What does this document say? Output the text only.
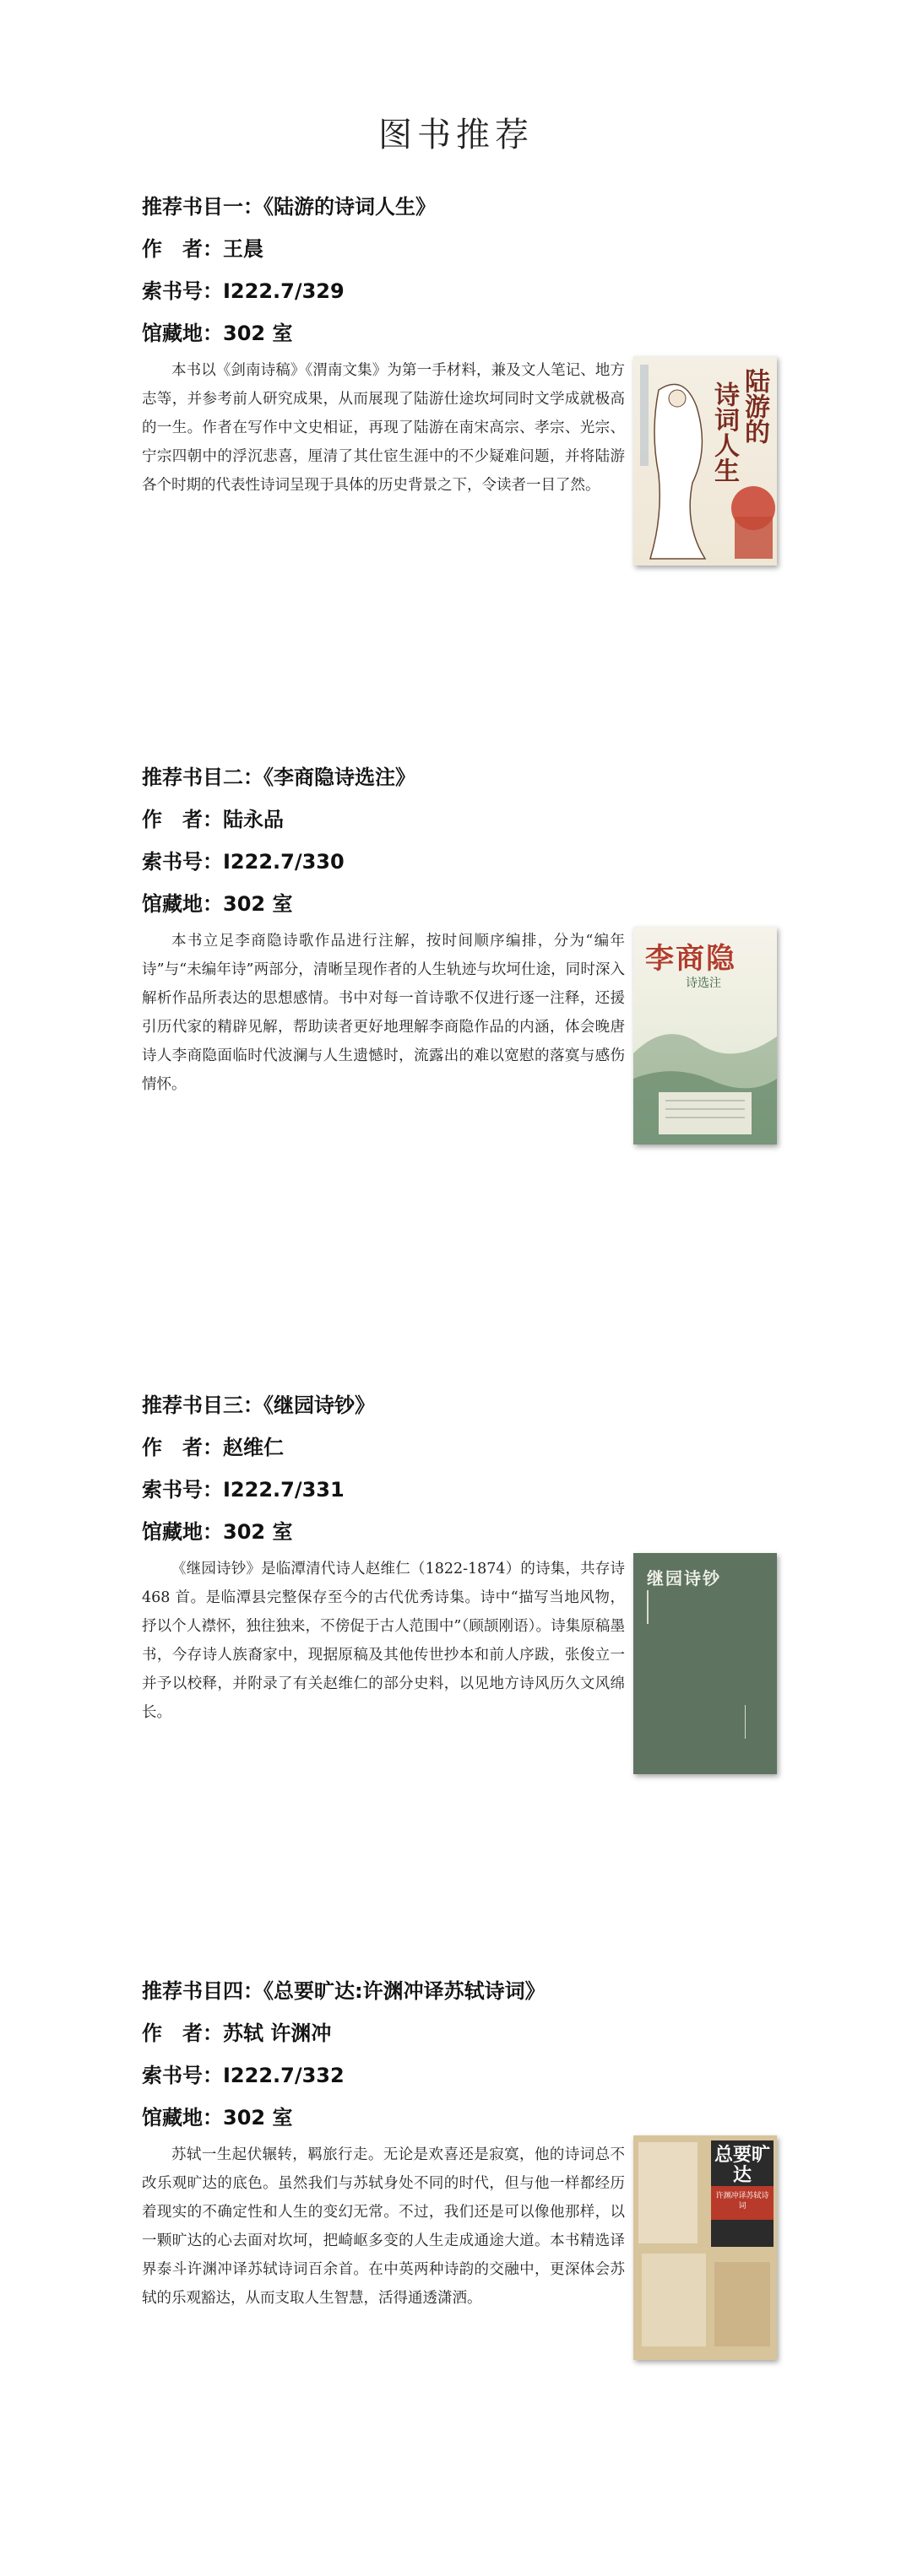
图书推荐
推荐书目一：《陆游的诗词人生》
作　者：王晨
索书号：I222.7/329
馆藏地：302 室
本书以《剑南诗稿》《渭南文集》为第一手材料，兼及文人笔记、地方志等，并参考前人研究成果，从而展现了陆游仕途坎坷同时文学成就极高的一生。作者在写作中文史相证，再现了陆游在南宋高宗、孝宗、光宗、宁宗四朝中的浮沉悲喜，厘清了其仕宦生涯中的不少疑难问题，并将陆游各个时期的代表性诗词呈现于具体的历史背景之下，令读者一目了然。
陆游的
诗词人生
推荐书目二：《李商隐诗选注》
作　者：陆永品
索书号：I222.7/330
馆藏地：302 室
本书立足李商隐诗歌作品进行注解，按时间顺序编排，分为“编年诗”与“未编年诗”两部分，清晰呈现作者的人生轨迹与坎坷仕途，同时深入解析作品所表达的思想感情。书中对每一首诗歌不仅进行逐一注释，还援引历代家的精辟见解，帮助读者更好地理解李商隐作品的内涵，体会晚唐诗人李商隐面临时代波澜与人生遗憾时，流露出的难以宽慰的落寞与感伤情怀。
李商隐
诗选注
推荐书目三：《继园诗钞》
作　者：赵维仁
索书号：I222.7/331
馆藏地：302 室
《继园诗钞》是临潭清代诗人赵维仁（1822-1874）的诗集，共存诗 468 首。是临潭县完整保存至今的古代优秀诗集。诗中“描写当地风物，抒以个人襟怀，独往独来，不傍促于古人范围中”（顾颉刚语）。诗集原稿墨书，今存诗人族裔家中，现据原稿及其他传世抄本和前人序跋，张俊立一并予以校释，并附录了有关赵维仁的部分史料，以见地方诗风历久文风绵长。
继园诗钞
推荐书目四：《总要旷达:许渊冲译苏轼诗词》
作　者：苏轼 许渊冲
索书号：I222.7/332
馆藏地：302 室
苏轼一生起伏辗转，羁旅行走。无论是欢喜还是寂寞，他的诗词总不改乐观旷达的底色。虽然我们与苏轼身处不同的时代，但与他一样都经历着现实的不确定性和人生的变幻无常。不过，我们还是可以像他那样，以一颗旷达的心去面对坎坷，把崎岖多变的人生走成通途大道。本书精选译界泰斗许渊冲译苏轼诗词百余首。在中英两种诗韵的交融中，更深体会苏轼的乐观豁达，从而支取人生智慧，活得通透潇洒。
总要旷达
许渊冲译苏轼诗词
